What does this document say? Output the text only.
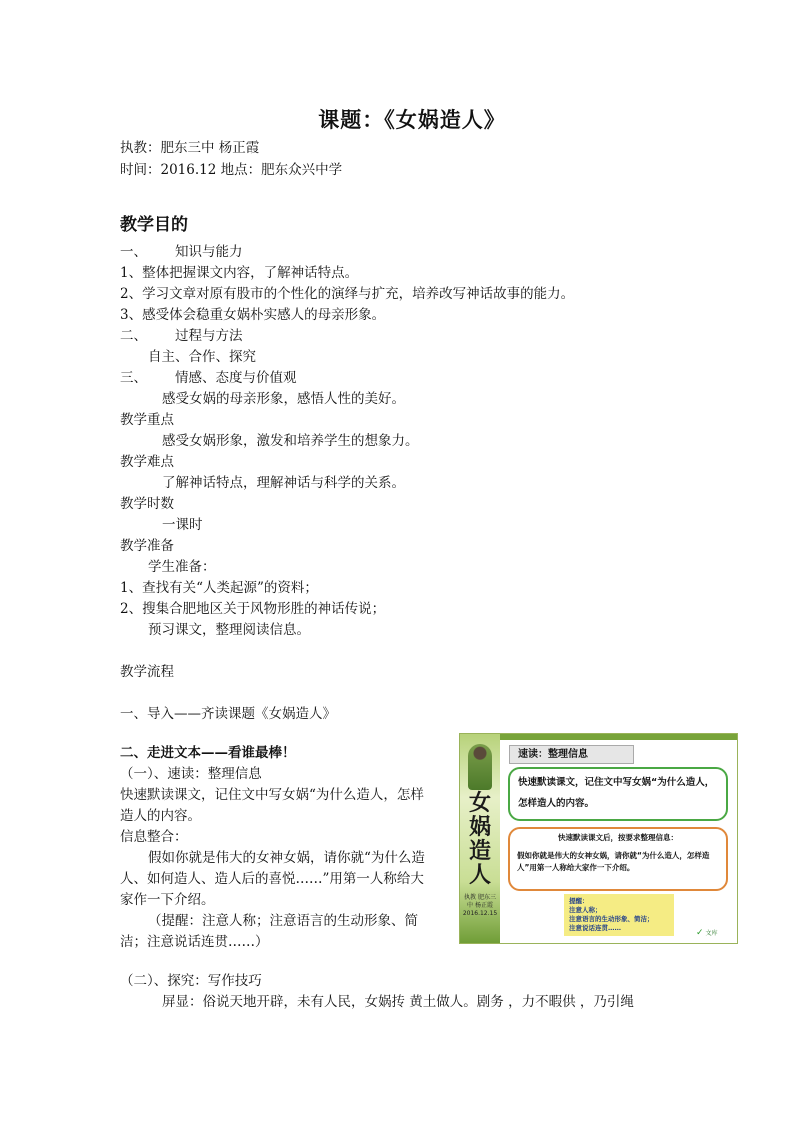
课题：《女娲造人》
执教：肥东三中 杨正霞
时间：2016.12 地点：肥东众兴中学
教学目的
一、 知识与能力
1、整体把握课文内容，了解神话特点。
2、学习文章对原有股市的个性化的演绎与扩充，培养改写神话故事的能力。
3、感受体会稳重女娲朴实感人的母亲形象。
二、 过程与方法
自主、合作、探究
三、 情感、态度与价值观
感受女娲的母亲形象，感悟人性的美好。
教学重点
感受女娲形象，激发和培养学生的想象力。
教学难点
了解神话特点，理解神话与科学的关系。
教学时数
一课时
教学准备
学生准备：
1、查找有关“人类起源”的资料；
2、搜集合肥地区关于风物形胜的神话传说；
预习课文，整理阅读信息。
教学流程
一、导入——齐读课题《女娲造人》
二、走进文本——看谁最棒！
（一）、速读：整理信息
快速默读课文，记住文中写女娲“为什么造人，怎样
造人的内容。
信息整合：
假如你就是伟大的女神女娲，请你就“为什么造
人、如何造人、造人后的喜悦……”用第一人称给大
家作一下介绍。
（提醒：注意人称；注意语言的生动形象、简
洁；注意说话连贯……）
（二）、探究：写作技巧
屏显：俗说天地开辟，未有人民，女娲抟 黄土做人。剧务 ，力不暇供 ，乃引绳
女娲造人
执教 肥东三中 杨正霞 2016.12.15
速读：整理信息
快速默读课文，记住文中写女娲“为什么造人，怎样造人的内容。
快速默读课文后，按要求整理信息：
假如你就是伟大的女神女娲，请你就“为什么造人，怎样造人”用第一人称给大家作一下介绍。
提醒：
注意人称；
注意语言的生动形象、简洁；
注意说话连贯……	✓ 文库
